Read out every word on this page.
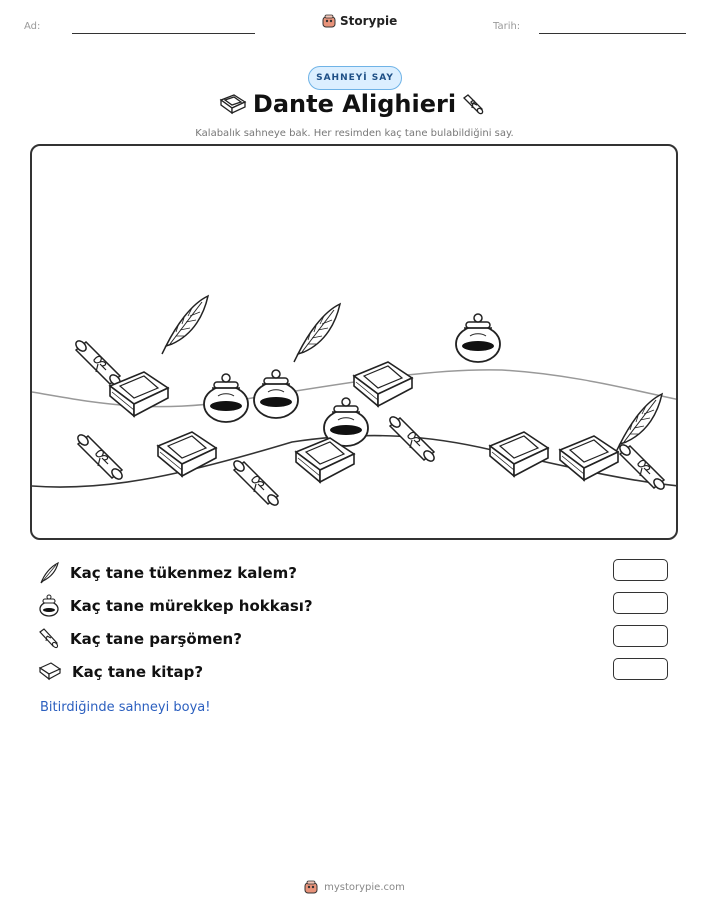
Ad:	Storypie	Tarih:
SAHNEYİ SAY
Dante Alighieri
Kalabalık sahneye bak. Her resimden kaç tane bulabildiğini say.
Kaç tane tükenmez kalem?
Kaç tane mürekkep hokkası?
Kaç tane parşömen?
Kaç tane kitap?
Bitirdiğinde sahneyi boya!
mystorypie.com
